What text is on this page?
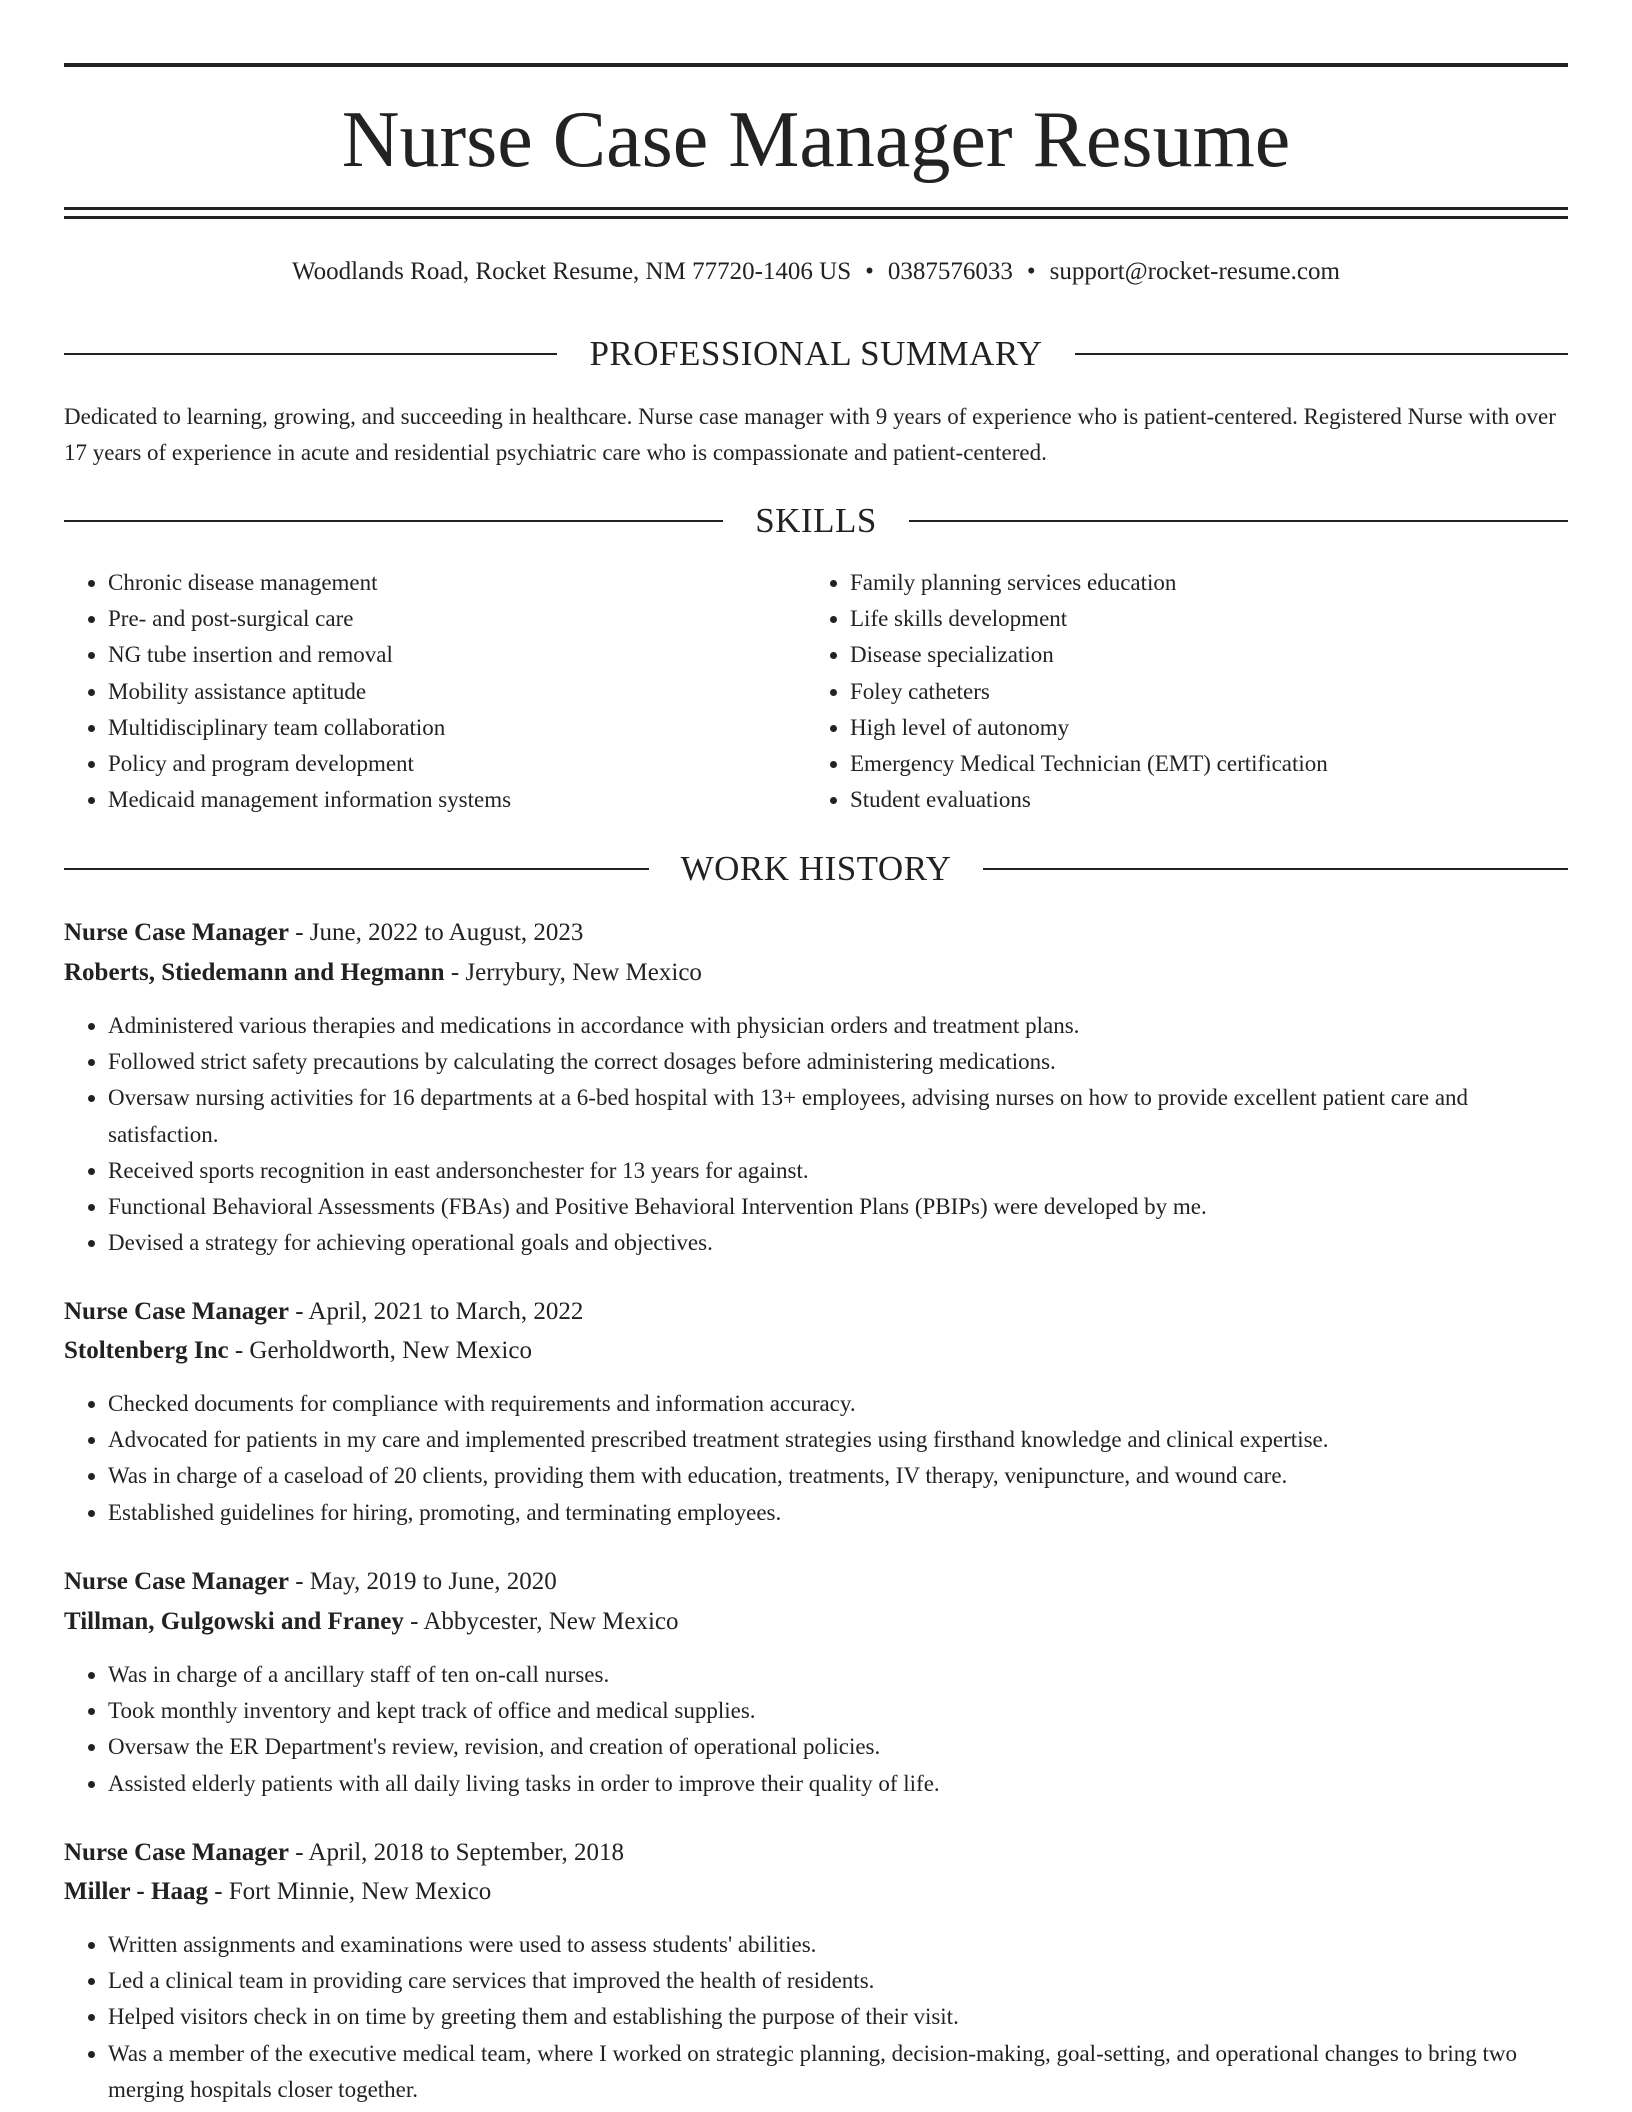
Nurse Case Manager Resume
Woodlands Road, Rocket Resume, NM 77720-1406 US • 0387576033 • support@rocket-resume.com
PROFESSIONAL SUMMARY
Dedicated to learning, growing, and succeeding in healthcare. Nurse case manager with 9 years of experience who is patient-centered. Registered Nurse with over 17 years of experience in acute and residential psychiatric care who is compassionate and patient-centered.
SKILLS
• Chronic disease management
• Pre- and post-surgical care
• NG tube insertion and removal
• Mobility assistance aptitude
• Multidisciplinary team collaboration
• Policy and program development
• Medicaid management information systems
• Family planning services education
• Life skills development
• Disease specialization
• Foley catheters
• High level of autonomy
• Emergency Medical Technician (EMT) certification
• Student evaluations
WORK HISTORY
Nurse Case Manager - June, 2022 to August, 2023
Roberts, Stiedemann and Hegmann - Jerrybury, New Mexico
• Administered various therapies and medications in accordance with physician orders and treatment plans.
• Followed strict safety precautions by calculating the correct dosages before administering medications.
• Oversaw nursing activities for 16 departments at a 6-bed hospital with 13+ employees, advising nurses on how to provide excellent patient care and satisfaction.
• Received sports recognition in east andersonchester for 13 years for against.
• Functional Behavioral Assessments (FBAs) and Positive Behavioral Intervention Plans (PBIPs) were developed by me.
• Devised a strategy for achieving operational goals and objectives.
Nurse Case Manager - April, 2021 to March, 2022
Stoltenberg Inc - Gerholdworth, New Mexico
• Checked documents for compliance with requirements and information accuracy.
• Advocated for patients in my care and implemented prescribed treatment strategies using firsthand knowledge and clinical expertise.
• Was in charge of a caseload of 20 clients, providing them with education, treatments, IV therapy, venipuncture, and wound care.
• Established guidelines for hiring, promoting, and terminating employees.
Nurse Case Manager - May, 2019 to June, 2020
Tillman, Gulgowski and Franey - Abbycester, New Mexico
• Was in charge of a ancillary staff of ten on-call nurses.
• Took monthly inventory and kept track of office and medical supplies.
• Oversaw the ER Department's review, revision, and creation of operational policies.
• Assisted elderly patients with all daily living tasks in order to improve their quality of life.
Nurse Case Manager - April, 2018 to September, 2018
Miller - Haag - Fort Minnie, New Mexico
• Written assignments and examinations were used to assess students' abilities.
• Led a clinical team in providing care services that improved the health of residents.
• Helped visitors check in on time by greeting them and establishing the purpose of their visit.
• Was a member of the executive medical team, where I worked on strategic planning, decision-making, goal-setting, and operational changes to bring two merging hospitals closer together.
